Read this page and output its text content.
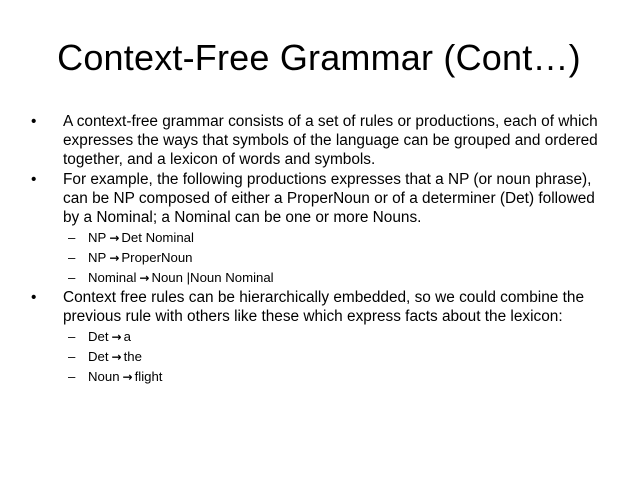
Context-Free Grammar (Cont…)
• A context-free grammar consists of a set of rules or productions, each of which expresses the ways that symbols of the language can be grouped and ordered together, and a lexicon of words and symbols.
• For example, the following productions expresses that a NP (or noun phrase), can be NP composed of either a ProperNoun or of a determiner (Det) followed by a Nominal; a Nominal can be one or more Nouns.
– NP → Det Nominal
– NP → ProperNoun
– Nominal → Noun |Noun Nominal
• Context free rules can be hierarchically embedded, so we could combine the previous rule with others like these which express facts about the lexicon:
– Det → a
– Det → the
– Noun → flight
